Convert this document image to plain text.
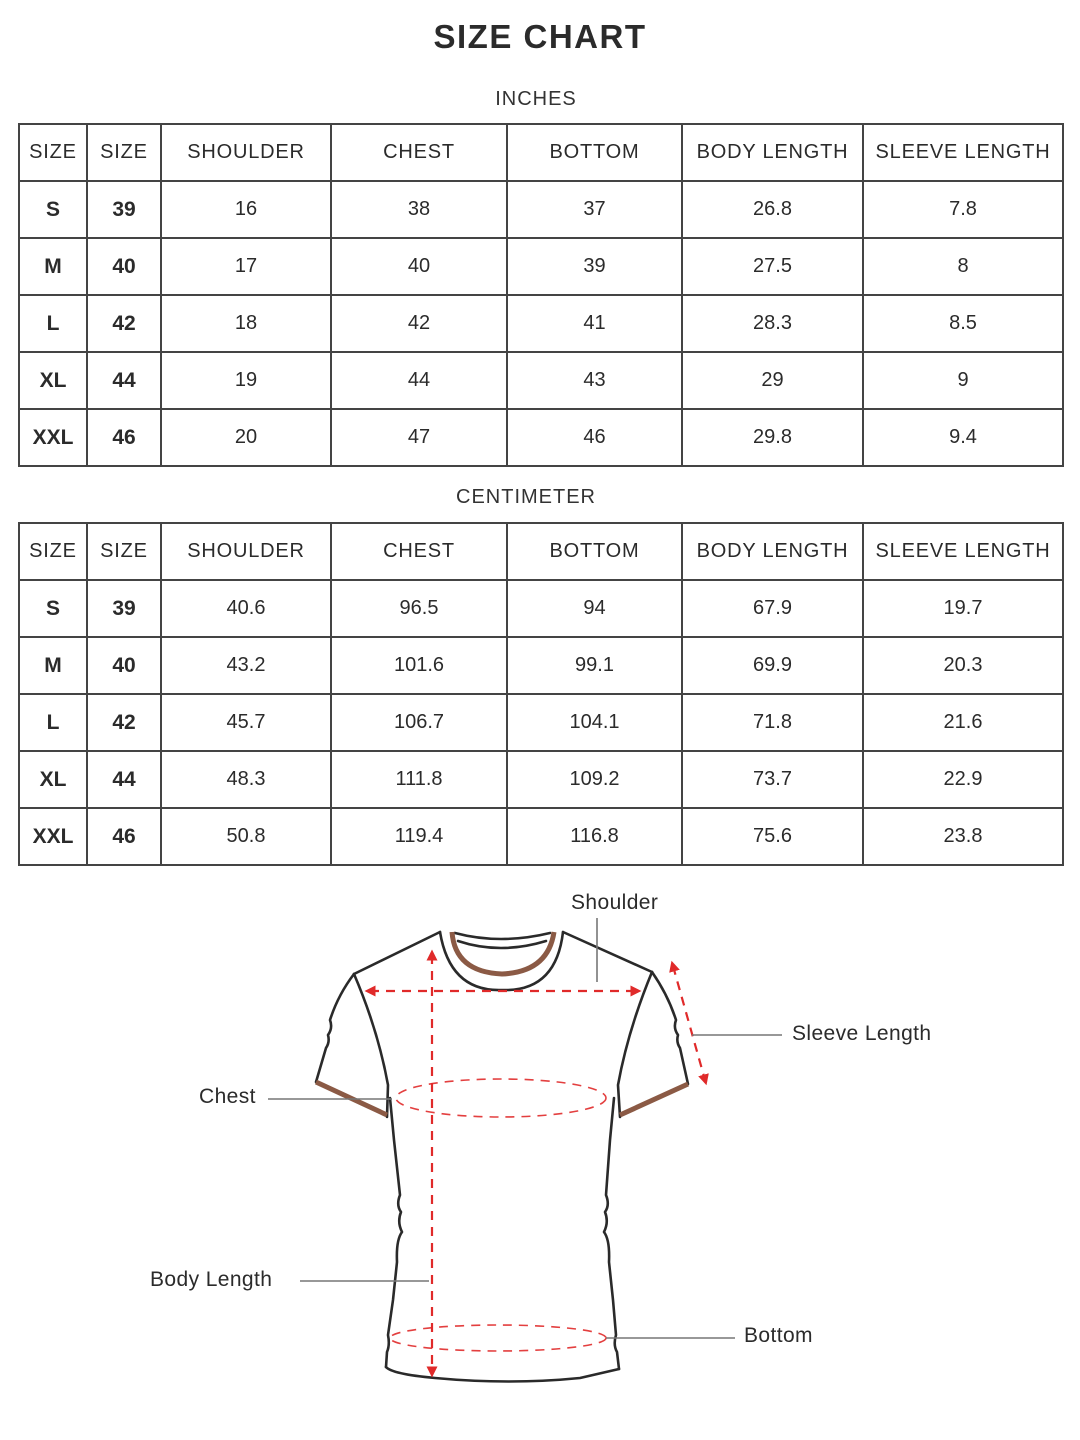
SIZE CHART
INCHES
SIZE	SIZE	SHOULDER	CHEST	BOTTOM	BODY LENGTH	SLEEVE LENGTH
S	39	16	38	37	26.8	7.8
M	40	17	40	39	27.5	8
L	42	18	42	41	28.3	8.5
XL	44	19	44	43	29	9
XXL	46	20	47	46	29.8	9.4
CENTIMETER
SIZE	SIZE	SHOULDER	CHEST	BOTTOM	BODY LENGTH	SLEEVE LENGTH
S	39	40.6	96.5	94	67.9	19.7
M	40	43.2	101.6	99.1	69.9	20.3
L	42	45.7	106.7	104.1	71.8	21.6
XL	44	48.3	111.8	109.2	73.7	22.9
XXL	46	50.8	119.4	116.8	75.6	23.8
Shoulder
Sleeve Length
Chest
Body Length
Bottom
